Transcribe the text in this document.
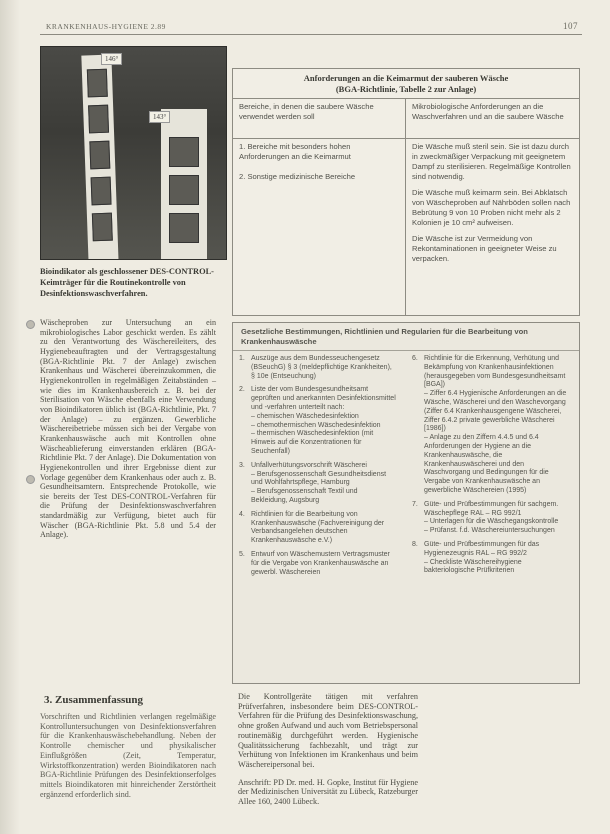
KRANKENHAUS-HYGIENE 2.89	107
146°
143°
Bioindikator als geschlossener DES-CONTROL-Keimträger für die Routinekontrolle von Desinfektionswaschverfahren.
Anforderungen an die Keimarmut der sauberen Wäsche
(BGA-Richtlinie, Tabelle 2 zur Anlage)
Bereiche, in denen die saubere Wäsche verwendet werden soll
Mikrobiologische Anforderungen an die Waschverfahren und an die saubere Wäsche

1. Bereiche mit besonders hohen Anforderungen an die Keimarmut

2. Sonstige medizinische Bereiche

Die Wäsche muß steril sein. Sie ist dazu durch in zweckmäßiger Verpackung mit geeignetem Dampf zu sterilisieren. Regelmäßige Kontrollen sind notwendig.

Die Wäsche muß keimarm sein. Bei Abklatsch von Wäscheproben auf Nährböden sollen nach Bebrütung 9 von 10 Proben nicht mehr als 2 Kolonien je 10 cm² aufweisen.

Die Wäsche ist zur Vermeidung von Rekontaminationen in geeigneter Weise zu verpacken.

Wäscheproben zur Untersuchung an ein mikrobiologisches Labor geschickt werden. Es zählt zu den Verantwortung des Wäschereileiters, des Hygienebeauftragten und der Vertragsgestaltung (BGA-Richtlinie Pkt. 7 der Anlage) zwischen Krankenhaus und Wäscherei übereinzukommen, die Hygienekontrollen in regelmäßigen Zeitabständen – wie dies im Krankenhausbereich z. B. bei der Sterilisation von Wäsche ebenfalls eine Verwendung von Bioindikatoren üblich ist (BGA-Richtlinie, Pkt. 7 der Anlage) – zu ergänzen. Gewerbliche Wäschereibetriebe müssen sich bei der Vergabe von Krankenhauswäsche auch mit Kontrollen ohne Wäscheablieferung einverstanden erklären (BGA-Richtlinie Pkt. 7 der Anlage). Die Dokumentation von Hygienekontrollen und ihrer Ergebnisse dient zur Vorlage gegenüber dem Krankenhaus oder auch z. B. Gesundheitsamtern. Entsprechende Protokolle, wie sie bereits der Test DES-CONTROL-Verfahren für die Prüfung der Desinfektionswaschverfahren standardmäßig zur Verfügung, bietet auch für Wäscher (BGA-Richtlinie Pkt. 5.8 und 5.4 der Anlage).

3. Zusammenfassung
Vorschriften und Richtlinien verlangen regelmäßige Kontrolluntersuchungen von Desinfektionsverfahren für die Krankenhauswäschebehandlung. Neben der Kontrolle chemischer und physikalischer Einflußgrößen (Zeit, Temperatur, Wirkstoffkonzentration) werden Bioindikatoren nach BGA-Richtlinie Prüfungen des Desinfektionserfolges mittels Bioindikatoren mit hinreichender Zerstörtheit ergänzend erforderlich sind.
Gesetzliche Bestimmungen, Richtlinien und Regularien für die Bearbeitung von Krankenhauswäsche
1. Auszüge aus dem Bundesseuchengesetz (BSeuchG) § 3 (meldepflichtige Krankheiten), § 10e (Entseuchung)
2. Liste der vom Bundesgesundheitsamt geprüften und anerkannten Desinfektionsmittel und -verfahren unterteilt nach:
– chemischen Wäschedesinfektion
– chemothermischen Wäschedesinfektion
– thermischen Wäschedesinfektion (mit Hinweis auf die Konzentrationen für Seuchenfall)
3. Unfallverhütungsvorschrift Wäscherei
– Berufsgenossenschaft Gesundheitsdienst und Wohlfahrtspflege, Hamburg
– Berufsgenossenschaft Textil und Bekleidung, Augsburg
4. Richtlinien für die Bearbeitung von Krankenhauswäsche (Fachvereinigung der Verbandsangelehen deutschen Krankenhauswäsche e.V.)
5. Entwurf von Wäschemustern Vertragsmuster für die Vergabe von Krankenhauswäsche an gewerbl. Wäschereien
6. Richtlinie für die Erkennung, Verhütung und Bekämpfung von Krankenhausinfektionen (herausgegeben vom Bundesgesundheitsamt [BGA])
– Ziffer 6.4 Hygienische Anforderungen an die Wäsche, Wäscherei und den Waschevorgang (Ziffer 6.4 Krankenhausgengene Wäscherei, Ziffer 6.4.2 private gewerbliche Wäscherei [1986])
– Anlage zu den Ziffern 4.4.5 und 6.4 Anforderungen der Hygiene an die Krankenhauswäsche, die Krankenhauswäscherei und den Waschvorgang und Bedingungen für die Vergabe von Krankenhauswäsche an gewerbliche Wäschereien (1995)
7. Güte- und Prüfbestimmungen für sachgem. Wäschepflege RAL – RG 992/1
– Unterlagen für die Wäschegangskontrolle
– Prüfanst. f.d. Wäschereiuntersuchungen
8. Güte- und Prüfbestimmungen für das Hygienezeugnis RAL – RG 992/2
– Checkliste Wäschereihygiene bakteriologische Prüfkriterien

Die Kontrollgeräte tätigen mit verfahren Prüfverfahren, insbesondere beim DES-CONTROL-Verfahren für die Prüfung des Desinfektionswaschung, ohne großen Aufwand und auch vom Betriebspersonal routinemäßig durchgeführt werden. Hygienische Qualitätssicherung fachbezahlt, und trägt zur Verhütung von Infektionen im Krankenhaus und beim Wäschereipersonal bei.

Anschrift: PD Dr. med. H. Gopke, Institut für Hygiene der Medizinischen Universität zu Lübeck, Ratzeburger Allee 160, 2400 Lübeck.
